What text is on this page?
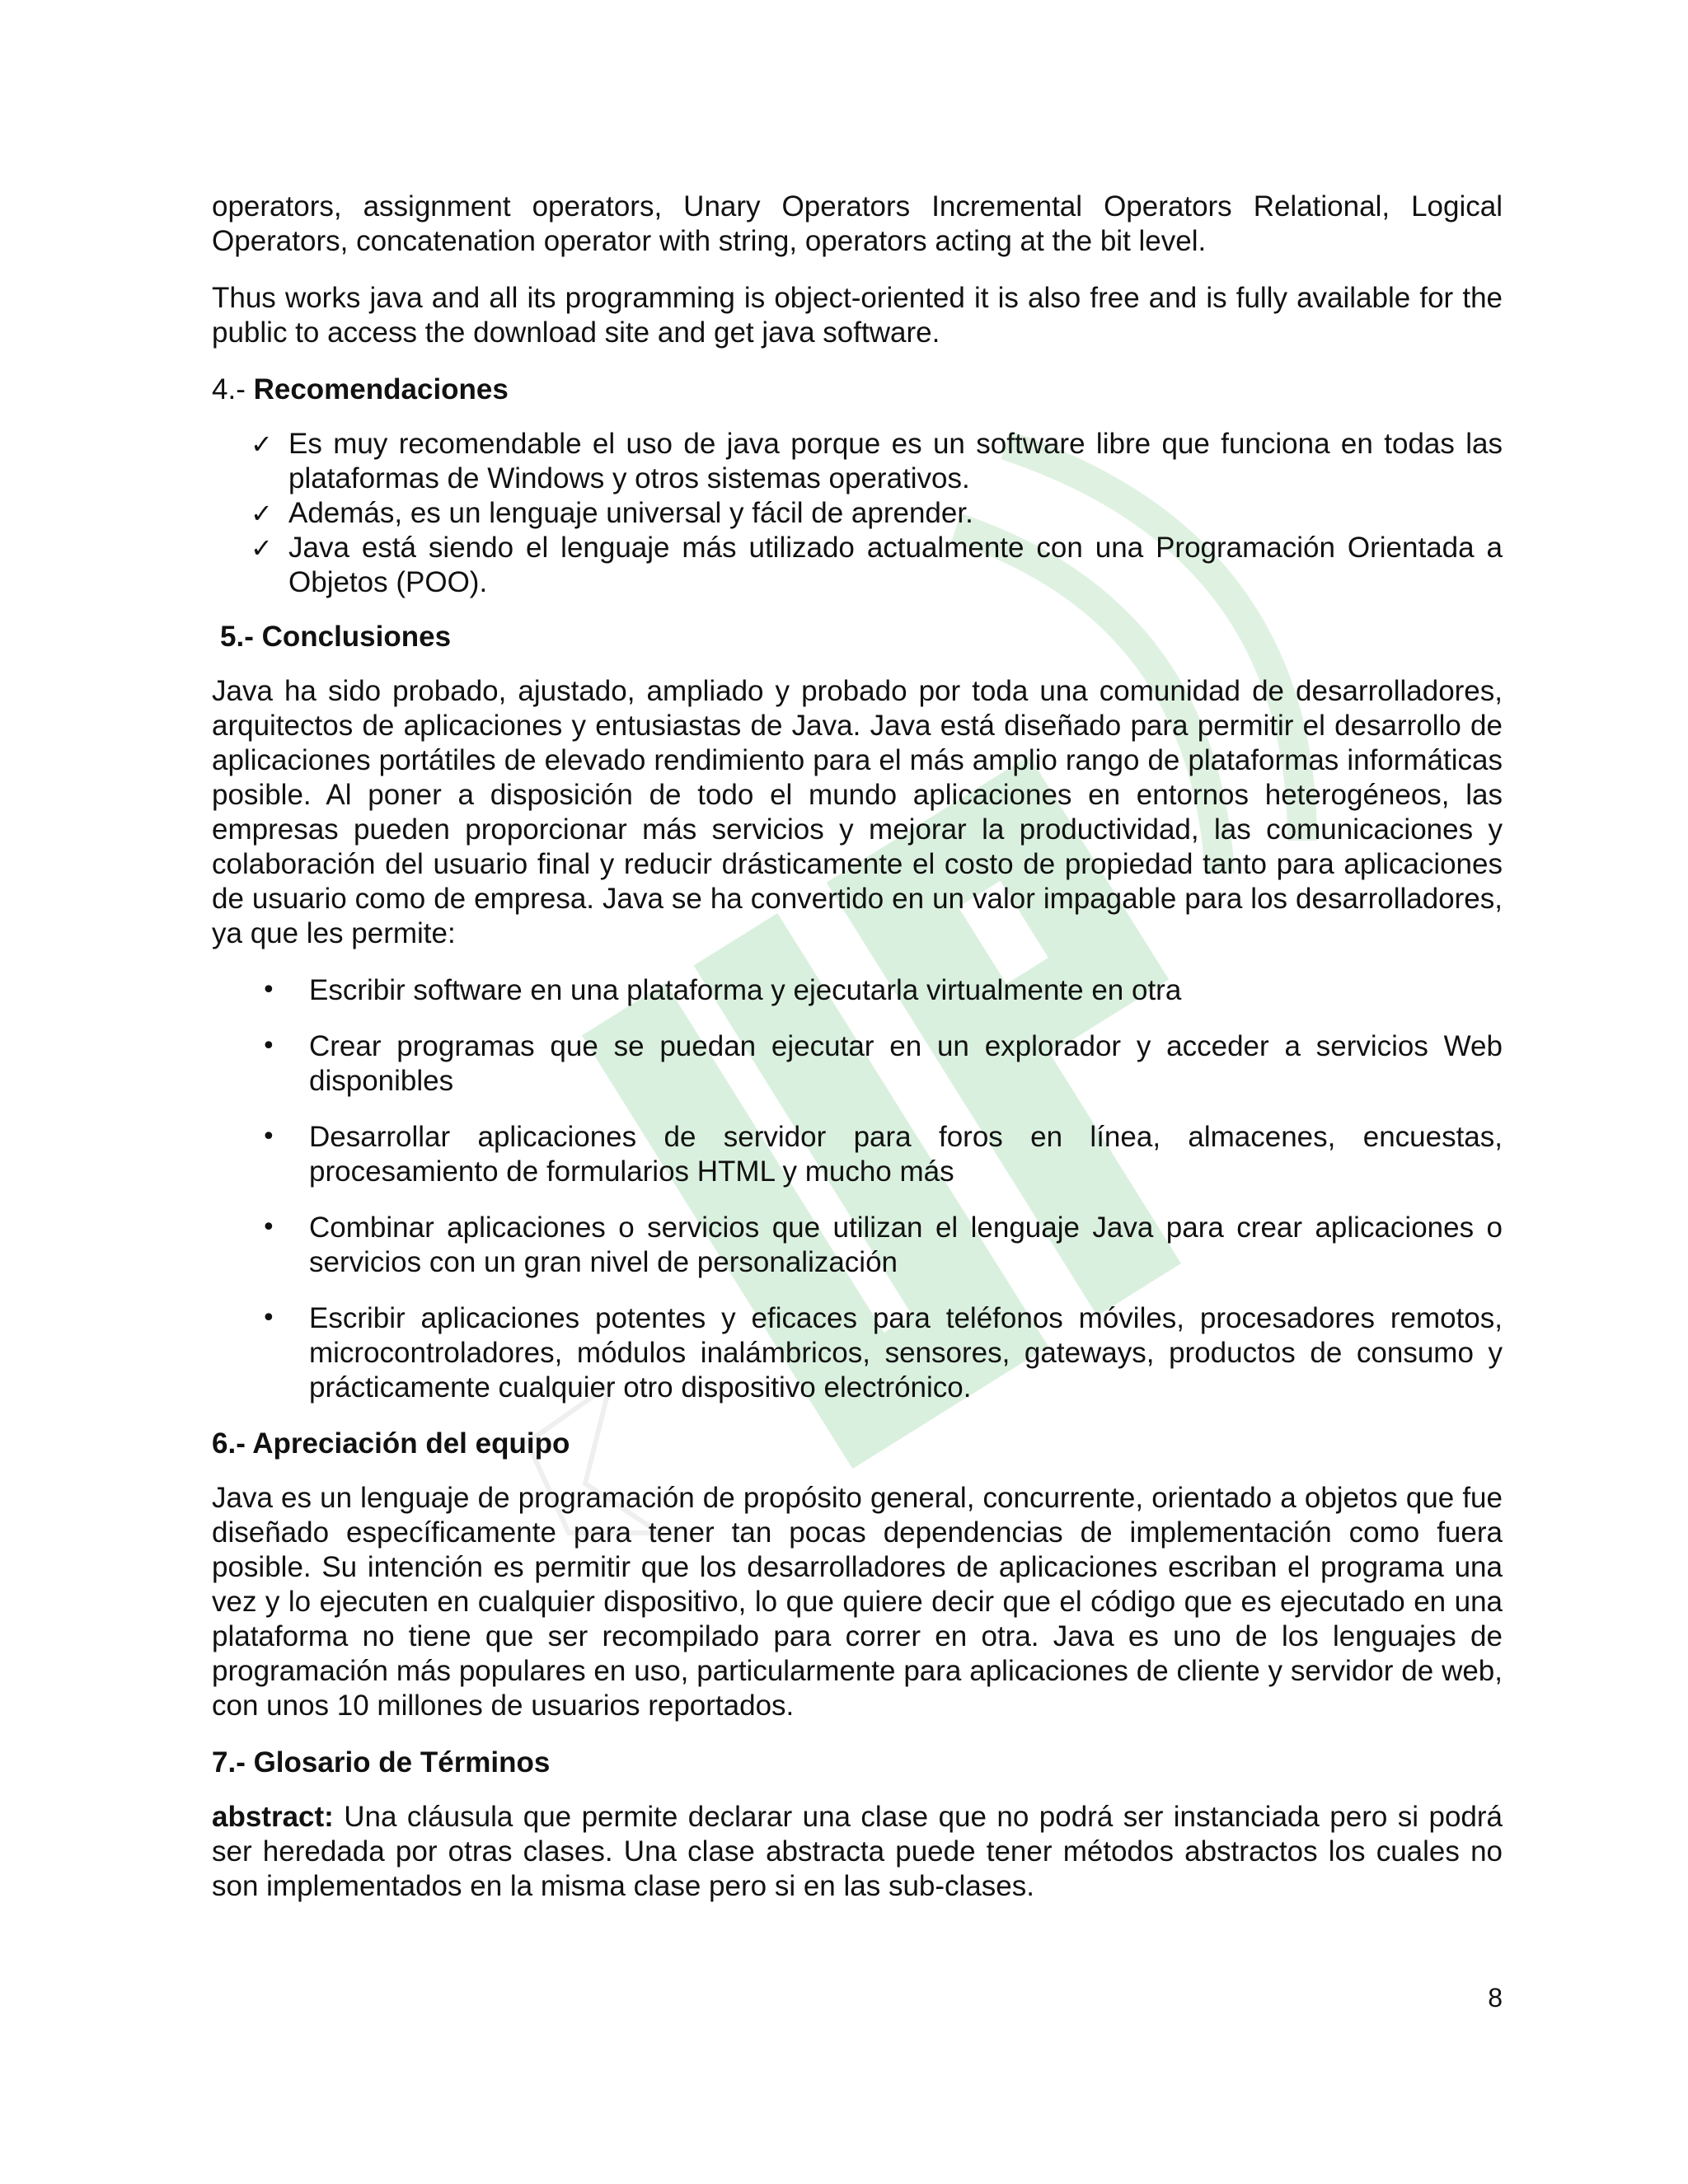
operators, assignment operators, Unary Operators Incremental Operators Relational, Logical Operators, concatenation operator with string, operators acting at the bit level.

Thus works java and all its programming is object-oriented it is also free and is fully available for the public to access the download site and get java software.

4.- Recomendaciones
✓ Es muy recomendable el uso de java porque es un software libre que funciona en todas las plataformas de Windows y otros sistemas operativos.
✓ Además, es un lenguaje universal y fácil de aprender.
✓ Java está siendo el lenguaje más utilizado actualmente con una Programación Orientada a Objetos (POO).
5.- Conclusiones

Java ha sido probado, ajustado, ampliado y probado por toda una comunidad de desarrolladores, arquitectos de aplicaciones y entusiastas de Java. Java está diseñado para permitir el desarrollo de aplicaciones portátiles de elevado rendimiento para el más amplio rango de plataformas informáticas posible. Al poner a disposición de todo el mundo aplicaciones en entornos heterogéneos, las empresas pueden proporcionar más servicios y mejorar la productividad, las comunicaciones y colaboración del usuario final y reducir drásticamente el costo de propiedad tanto para aplicaciones de usuario como de empresa. Java se ha convertido en un valor impagable para los desarrolladores, ya que les permite:

• Escribir software en una plataforma y ejecutarla virtualmente en otra
• Crear programas que se puedan ejecutar en un explorador y acceder a servicios Web disponibles
• Desarrollar aplicaciones de servidor para foros en línea, almacenes, encuestas, procesamiento de formularios HTML y mucho más
• Combinar aplicaciones o servicios que utilizan el lenguaje Java para crear aplicaciones o servicios con un gran nivel de personalización
• Escribir aplicaciones potentes y eficaces para teléfonos móviles, procesadores remotos, microcontroladores, módulos inalámbricos, sensores, gateways, productos de consumo y prácticamente cualquier otro dispositivo electrónico.
6.- Apreciación del equipo

Java es un lenguaje de programación de propósito general, concurrente, orientado a objetos que fue diseñado específicamente para tener tan pocas dependencias de implementación como fuera posible. Su intención es permitir que los desarrolladores de aplicaciones escriban el programa una vez y lo ejecuten en cualquier dispositivo, lo que quiere decir que el código que es ejecutado en una plataforma no tiene que ser recompilado para correr en otra. Java es uno de los lenguajes de programación más populares en uso, particularmente para aplicaciones de cliente y servidor de web, con unos 10 millones de usuarios reportados.

7.- Glosario de Términos

abstract: Una cláusula que permite declarar una clase que no podrá ser instanciada pero si podrá ser heredada por otras clases. Una clase abstracta puede tener métodos abstractos los cuales no son implementados en la misma clase pero si en las sub-clases.

8
